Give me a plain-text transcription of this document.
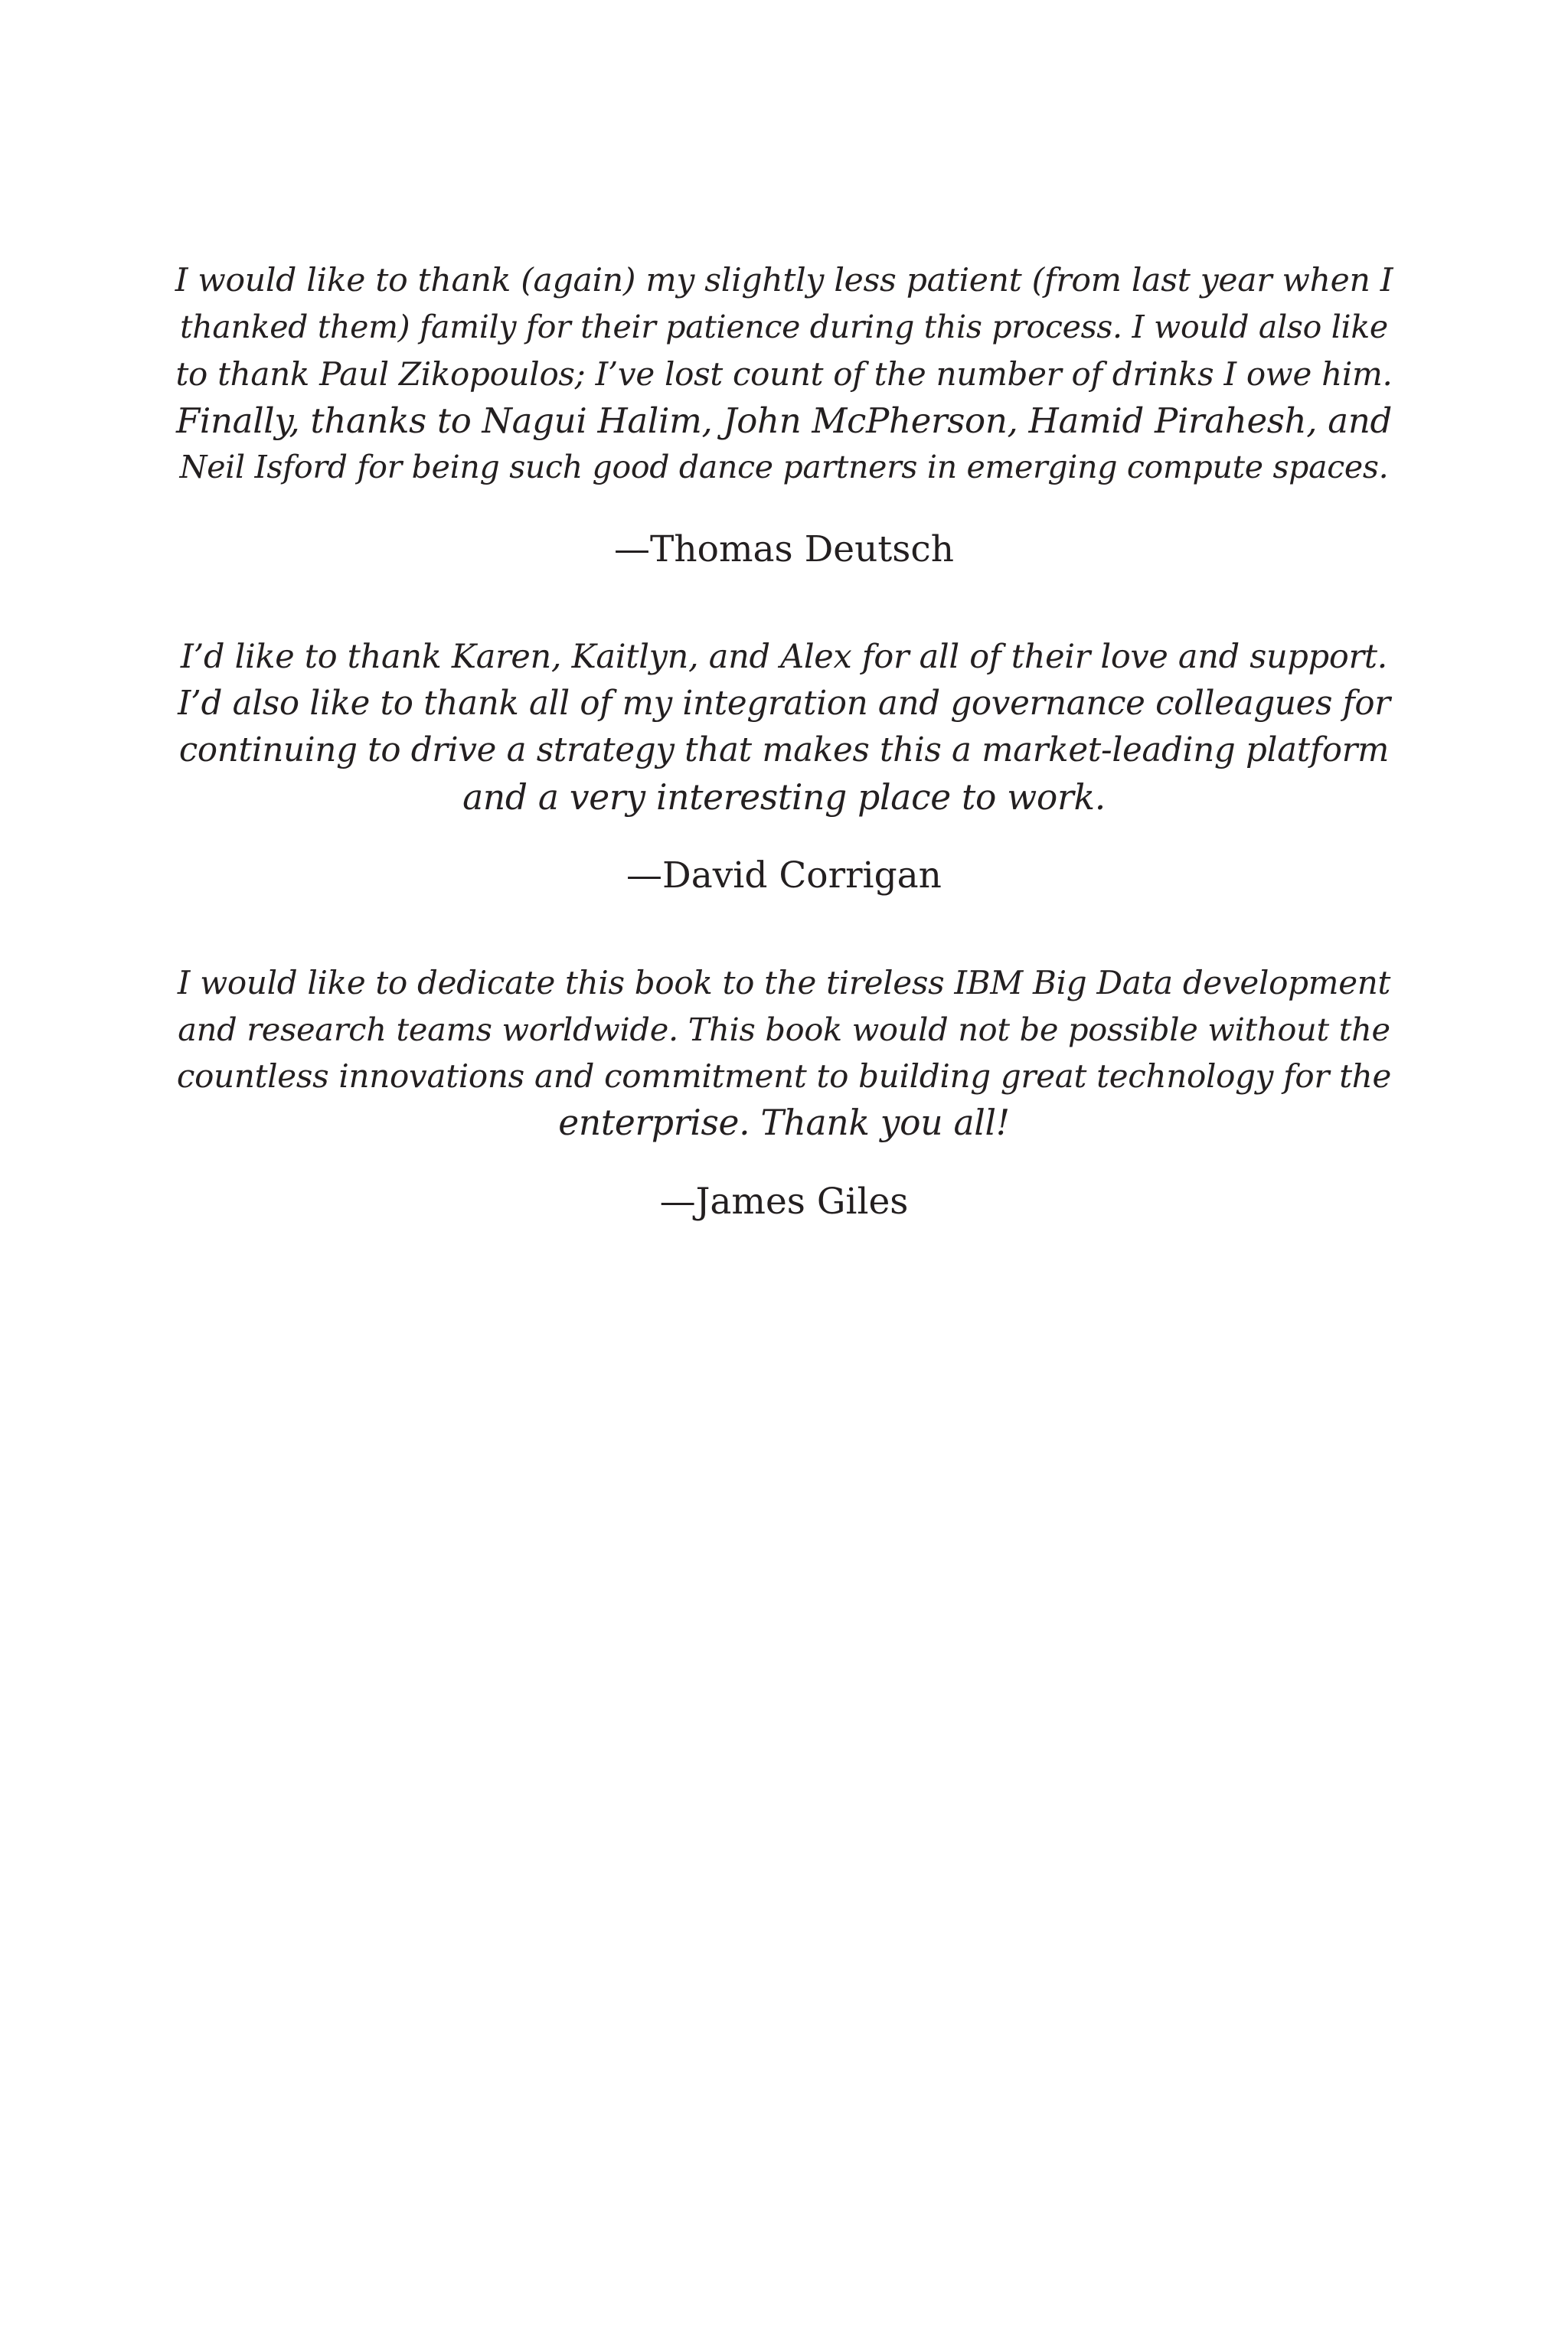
I would like to thank (again) my slightly less patient (from last year when I
thanked them) family for their patience during this process. I would also like
to thank Paul Zikopoulos; I’ve lost count of the number of drinks I owe him.
Finally, thanks to Nagui Halim, John McPherson, Hamid Pirahesh, and
Neil Isford for being such good dance partners in emerging compute spaces.

—Thomas Deutsch

I’d like to thank Karen, Kaitlyn, and Alex for all of their love and support.
I’d also like to thank all of my integration and governance colleagues for
continuing to drive a strategy that makes this a market-leading platform
and a very interesting place to work.

—David Corrigan

I would like to dedicate this book to the tireless IBM Big Data development
and research teams worldwide. This book would not be possible without the
countless innovations and commitment to building great technology for the
enterprise. Thank you all!

—James Giles
